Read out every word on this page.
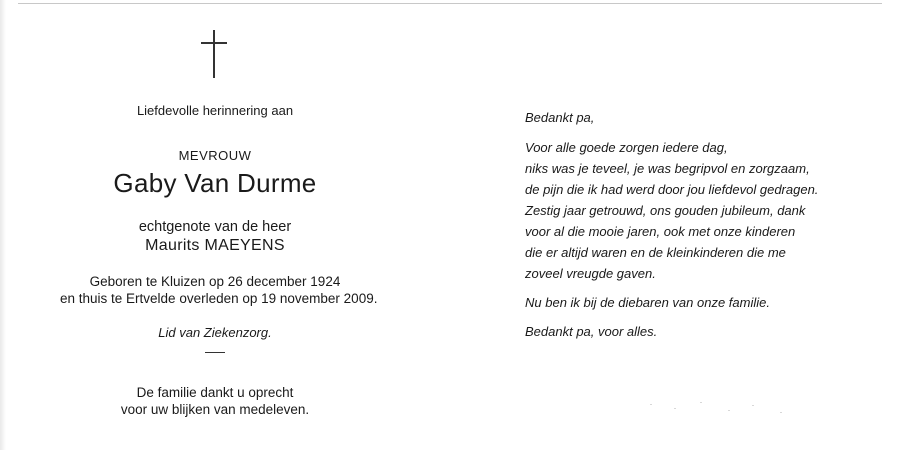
Liefdevolle herinnering aan
MEVROUW
Gaby Van Durme
echtgenote van de heer
Maurits MAEYENS
Geboren te Kluizen op 26 december 1924
en thuis te Ertvelde overleden op 19 november 2009.
Lid van Ziekenzorg.
De familie dankt u oprecht
voor uw blijken van medeleven.
Bedankt pa,
Voor alle goede zorgen iedere dag,
niks was je teveel, je was begripvol en zorgzaam,
de pijn die ik had werd door jou liefdevol gedragen.
Zestig jaar getrouwd, ons gouden jubileum, dank
voor al die mooie jaren, ook met onze kinderen
die er altijd waren en de kleinkinderen die me
zoveel vreugde gaven.
Nu ben ik bij de diebaren van onze familie.
Bedankt pa, voor alles.
